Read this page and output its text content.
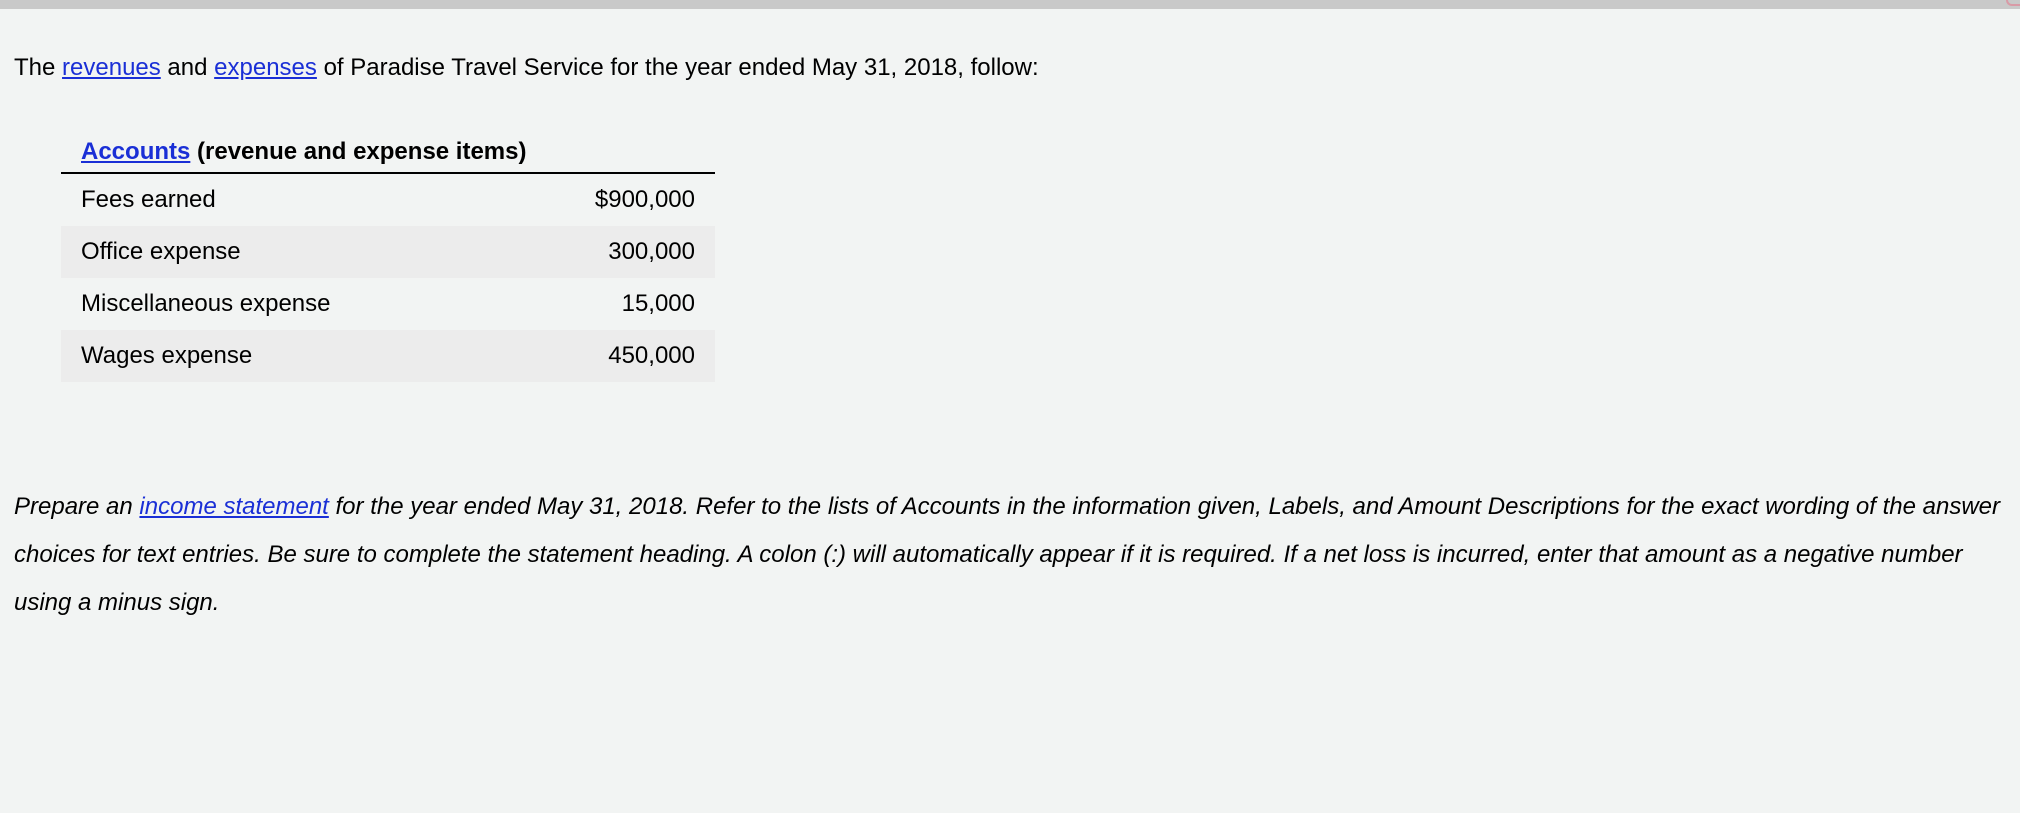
The revenues and expenses of Paradise Travel Service for the year ended May 31, 2018, follow:
Accounts (revenue and expense items)	
Fees earned	$900,000
Office expense	300,000
Miscellaneous expense	15,000
Wages expense	450,000
Prepare an income statement for the year ended May 31, 2018. Refer to the lists of Accounts in the information given, Labels, and Amount Descriptions for the exact wording of the answer choices for text entries. Be sure to complete the statement heading. A colon (:) will automatically appear if it is required. If a net loss is incurred, enter that amount as a negative number using a minus sign.
